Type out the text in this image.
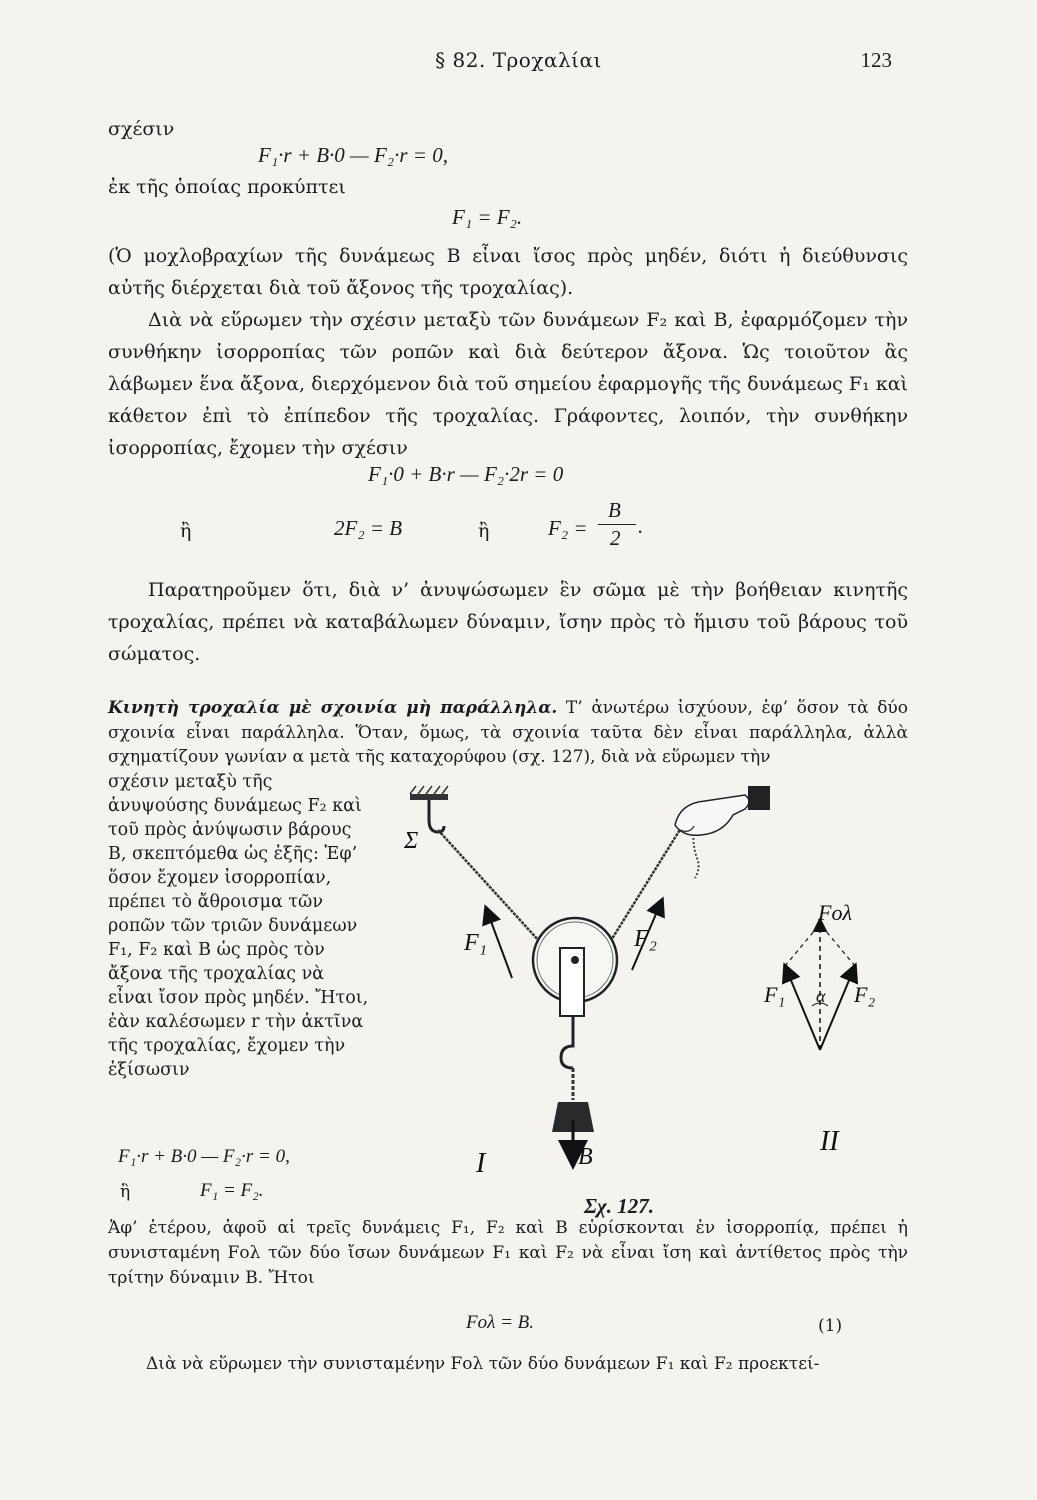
§ 82. Τροχαλίαι	123
σχέσιν
F₁·r + B·0 — F₂·r = 0,
ἐκ τῆς ὁποίας προκύπτει
F₁ = F₂.
(Ὁ μοχλοβραχίων τῆς δυνάμεως B εἶναι ἴσος πρὸς μηδέν, διότι ἡ διεύθυνσις αὐτῆς διέρχεται διὰ τοῦ ἄξονος τῆς τροχαλίας).
Διὰ νὰ εὕρωμεν τὴν σχέσιν μεταξὺ τῶν δυνάμεων F₂ καὶ B, ἐφαρμόζομεν τὴν συνθήκην ἰσορροπίας τῶν ροπῶν καὶ διὰ δεύτερον ἄξονα. Ὡς τοιοῦτον ἂς λάβωμεν ἕνα ἄξονα, διερχόμενον διὰ τοῦ σημείου ἐφαρμογῆς τῆς δυνάμεως F₁ καὶ κάθετον ἐπὶ τὸ ἐπίπεδον τῆς τροχαλίας. Γράφοντες, λοιπόν, τὴν συνθήκην ἰσορροπίας, ἔχομεν τὴν σχέσιν
F₁·0 + B·r — F₂·2r = 0
ἢ	2F₂ = B	ἢ	F₂ =
B
2 .
Παρατηροῦμεν ὅτι, διὰ ν’ ἀνυψώσωμεν ἓν σῶμα μὲ τὴν βοήθειαν κινητῆς τροχαλίας, πρέπει νὰ καταβάλωμεν δύναμιν, ἴσην πρὸς τὸ ἥμισυ τοῦ βάρους τοῦ σώματος.
Κινητὴ τροχαλία μὲ σχοινία μὴ παράλληλα. Τ’ ἀνωτέρω ἰσχύουν, ἐφ’ ὅσον τὰ δύο σχοινία εἶναι παράλληλα. Ὅταν, ὅμως, τὰ σχοινία ταῦτα δὲν εἶναι παράλληλα, ἀλλὰ σχηματίζουν γωνίαν α μετὰ τῆς καταχορύφου (σχ. 127), διὰ νὰ εὕρωμεν τὴν
σχέσιν μεταξὺ τῆς ἀνυψούσης δυνάμεως F₂ καὶ τοῦ πρὸς ἀνύψωσιν βάρους B, σκεπτόμεθα ὡς ἑξῆς: Ἐφ’ ὅσον ἔχομεν ἰσορροπίαν, πρέπει τὸ ἄθροισμα τῶν ροπῶν τῶν τριῶν δυνάμεων F₁, F₂ καὶ B ὡς πρὸς τὸν ἄξονα τῆς τροχαλίας νὰ εἶναι ἴσον πρὸς μηδέν. Ἤτοι, ἐὰν καλέσωμεν r τὴν ἀκτῖνα τῆς τροχαλίας, ἔχομεν τὴν ἐξίσωσιν
F₁·r + B·0 — F₂·r = 0,
ἢ	F₁ = F₂.
Σ
F₁	F₂
B
I
II
Fολ
F₁	F₂
α
Σχ. 127.
Ἀφ’ ἑτέρου, ἀφοῦ αἱ τρεῖς δυνάμεις F₁, F₂ καὶ B εὑρίσκονται ἐν ἰσορροπίᾳ, πρέπει ἡ συνισταμένη Fολ τῶν δύο ἴσων δυνάμεων F₁ καὶ F₂ νὰ εἶναι ἴση καὶ ἀντίθετος πρὸς τὴν τρίτην δύναμιν B. Ἤτοι
Fολ = B.	(1)
Διὰ νὰ εὕρωμεν τὴν συνισταμένην Fολ τῶν δύο δυνάμεων F₁ καὶ F₂ προεκτεί-
